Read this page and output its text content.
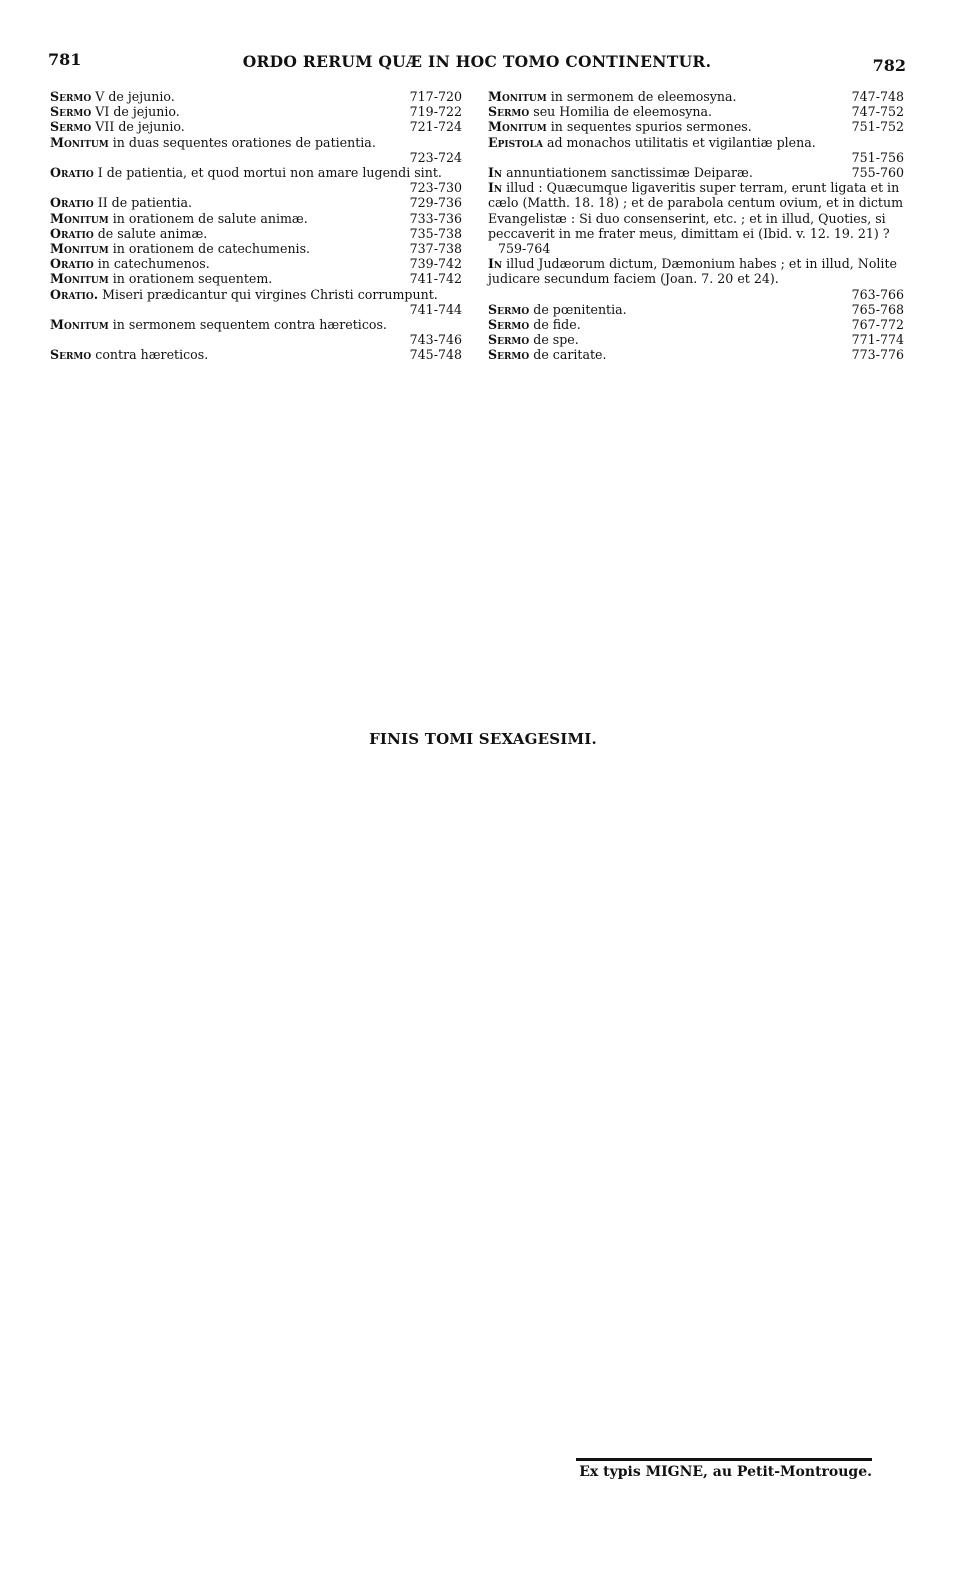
781	ORDO RERUM QUÆ IN HOC TOMO CONTINENTUR.	782

717-720
Sermo V de jejunio.

719-722
Sermo VI de jejunio.

721-724
Sermo VII de jejunio.

Monitum in duas sequentes orationes de patientia.

723-724

Oratio I de patientia, et quod mortui non amare lugendi sint.

723-730

729-736
Oratio II de patientia.

733-736
Monitum in orationem de salute animæ.

735-738
Oratio de salute animæ.

737-738
Monitum in orationem de catechumenis.

739-742
Oratio in catechumenos.

741-742
Monitum in orationem sequentem.

Oratio. Miseri prædicantur qui virgines Christi corrumpunt.

741-744

Monitum in sermonem sequentem contra hæreticos.

743-746

745-748
Sermo contra hæreticos.

747-748
Monitum in sermonem de eleemosyna.

747-752
Sermo seu Homilia de eleemosyna.

751-752
Monitum in sequentes spurios sermones.

Epistola ad monachos utilitatis et vigilantiæ plena.

751-756

755-760
In annuntiationem sanctissimæ Deiparæ.

In illud : Quæcumque ligaveritis super terram, erunt ligata et in cælo (Matth. 18. 18) ; et de parabola centum ovium, et in dictum Evangelistæ : Si duo consenserint, etc. ; et in illud, Quoties, si peccaverit in me frater meus, dimittam ei (Ibid. v. 12. 19. 21) ? 759-764

In illud Judæorum dictum, Dæmonium habes ; et in illud, Nolite judicare secundum faciem (Joan. 7. 20 et 24).

763-766

765-768
Sermo de pœnitentia.

767-772
Sermo de fide.

771-774
Sermo de spe.

773-776
Sermo de caritate.

FINIS TOMI SEXAGESIMI.
Ex typis MIGNE, au Petit-Montrouge.
